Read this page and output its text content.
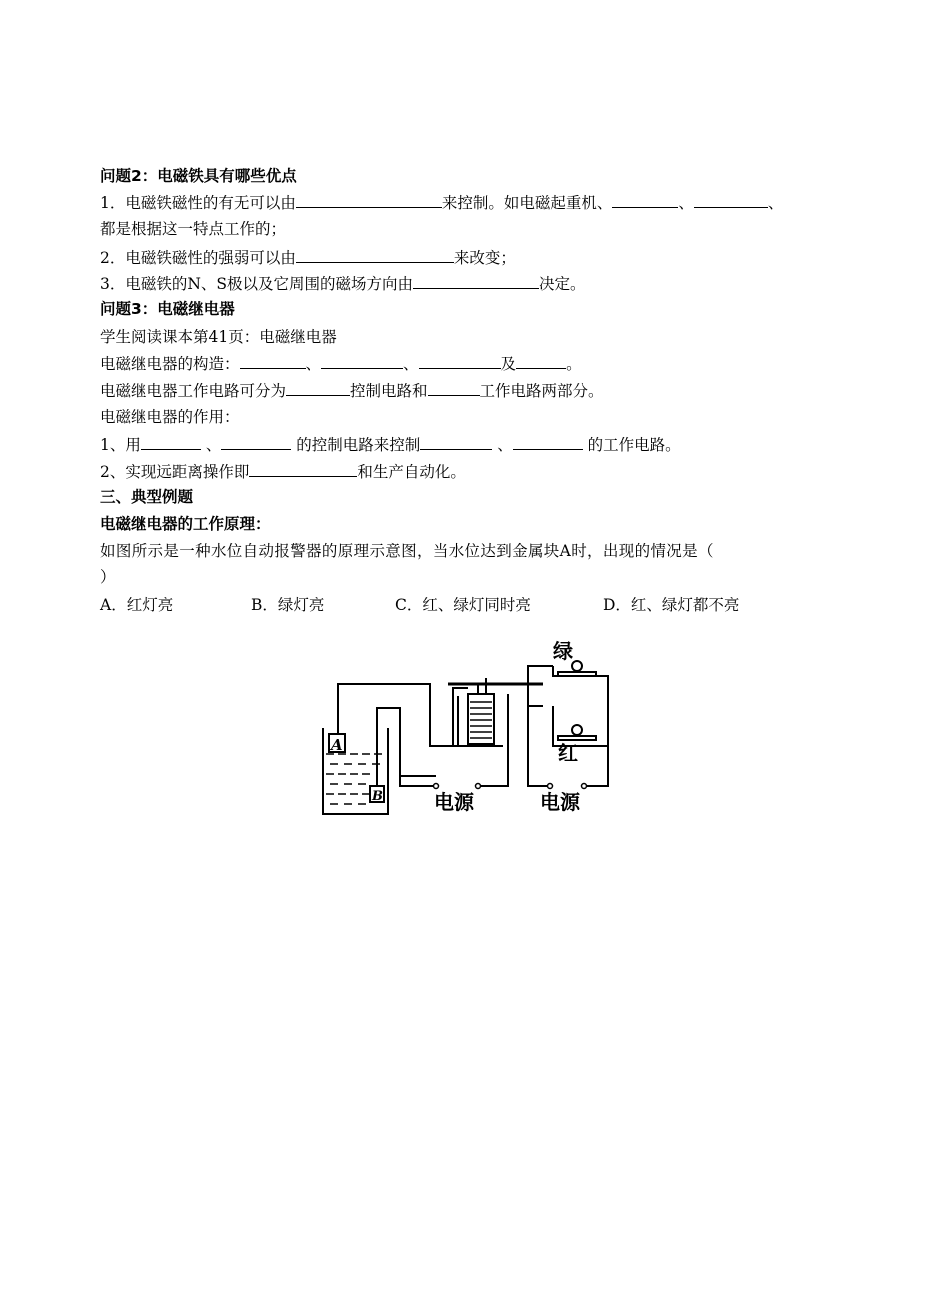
问题2：电磁铁具有哪些优点
1．电磁铁磁性的有无可以由	来控制。如电磁起重机、	、	、
都是根据这一特点工作的；
2．电磁铁磁性的强弱可以由	来改变；
3．电磁铁的N、S极以及它周围的磁场方向由	决定。
问题3：电磁继电器
学生阅读课本第41页：电磁继电器
电磁继电器的构造：	、	、	及	。
电磁继电器工作电路可分为	控制电路和	工作电路两部分。
电磁继电器的作用：
1、用	、	的控制电路来控制	、	的工作电路。
2、实现远距离操作即	和生产自动化。
三、典型例题
电磁继电器的工作原理：
如图所示是一种水位自动报警器的原理示意图，当水位达到金属块A时，出现的情况是（
）
A．红灯亮	B．绿灯亮	C．红、绿灯同时亮	D．红、绿灯都不亮
绿
红
电源	电源
A
B
